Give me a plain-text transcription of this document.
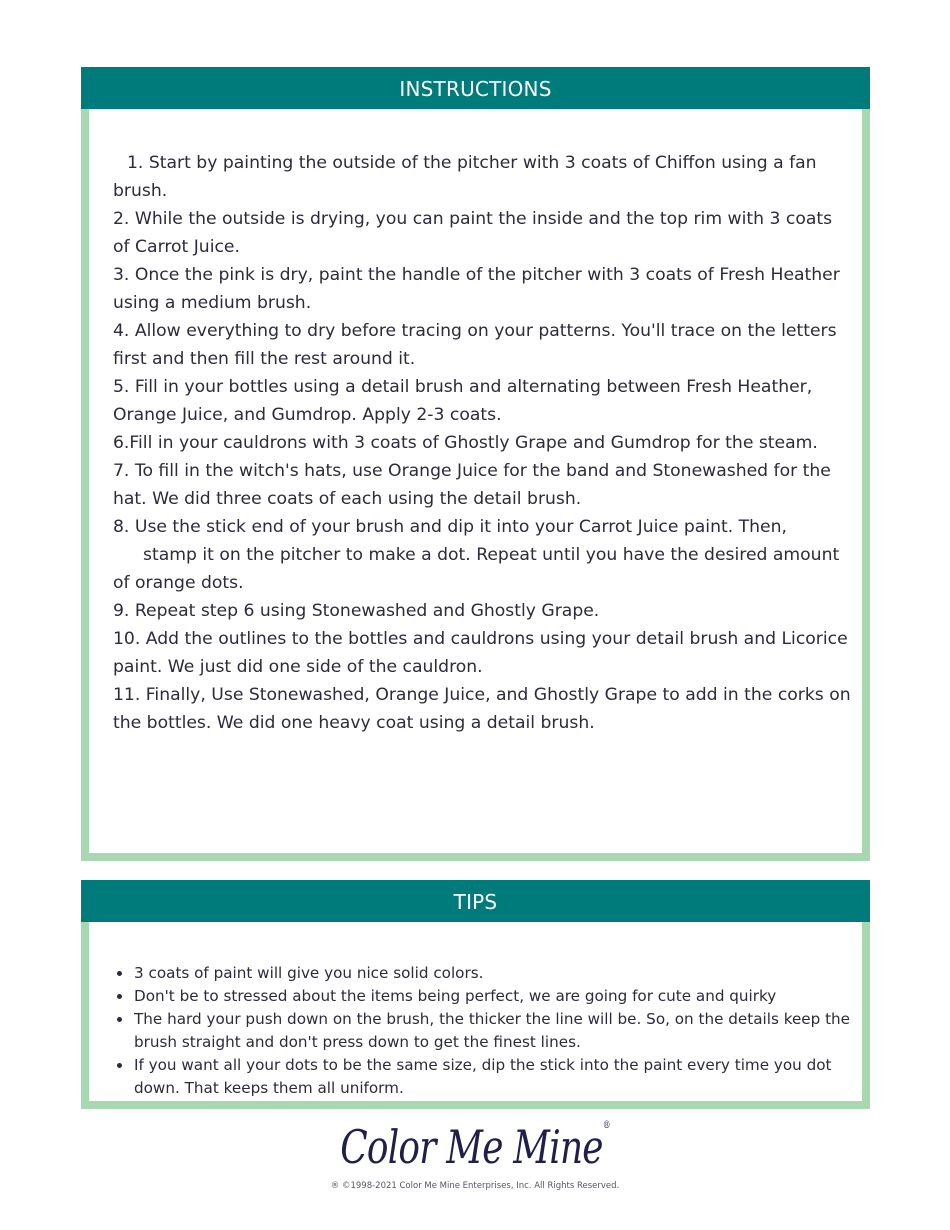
INSTRUCTIONS

1. Start by painting the outside of the pitcher with 3 coats of Chiffon using a fan brush.

2. While the outside is drying, you can paint the inside and the top rim with 3 coats of Carrot Juice.

3. Once the pink is dry, paint the handle of the pitcher with 3 coats of Fresh Heather using a medium brush.

4. Allow everything to dry before tracing on your patterns. You'll trace on the letters first and then fill the rest around it.

5. Fill in your bottles using a detail brush and alternating between Fresh Heather, Orange Juice, and Gumdrop. Apply 2-3 coats.

6.Fill in your cauldrons with 3 coats of Ghostly Grape and Gumdrop for the steam.

7. To fill in the witch's hats, use Orange Juice for the band and Stonewashed for the hat. We did three coats of each using the detail brush.

8. Use the stick end of your brush and dip it into your Carrot Juice paint. Then,
stamp it on the pitcher to make a dot. Repeat until you have the desired amount of orange dots.

9. Repeat step 6 using Stonewashed and Ghostly Grape.

10. Add the outlines to the bottles and cauldrons using your detail brush and Licorice paint. We just did one side of the cauldron.

11. Finally, Use Stonewashed, Orange Juice, and Ghostly Grape to add in the corks on the bottles. We did one heavy coat using a detail brush.

TIPS
3 coats of paint will give you nice solid colors.
Don't be to stressed about the items being perfect, we are going for cute and quirky
The hard your push down on the brush, the thicker the line will be. So, on the details keep the brush straight and don't press down to get the finest lines.
If you want all your dots to be the same size, dip the stick into the paint every time you dot down. That keeps them all uniform.
Color Me Mine®
® ©1998-2021 Color Me Mine Enterprises, Inc. All Rights Reserved.
